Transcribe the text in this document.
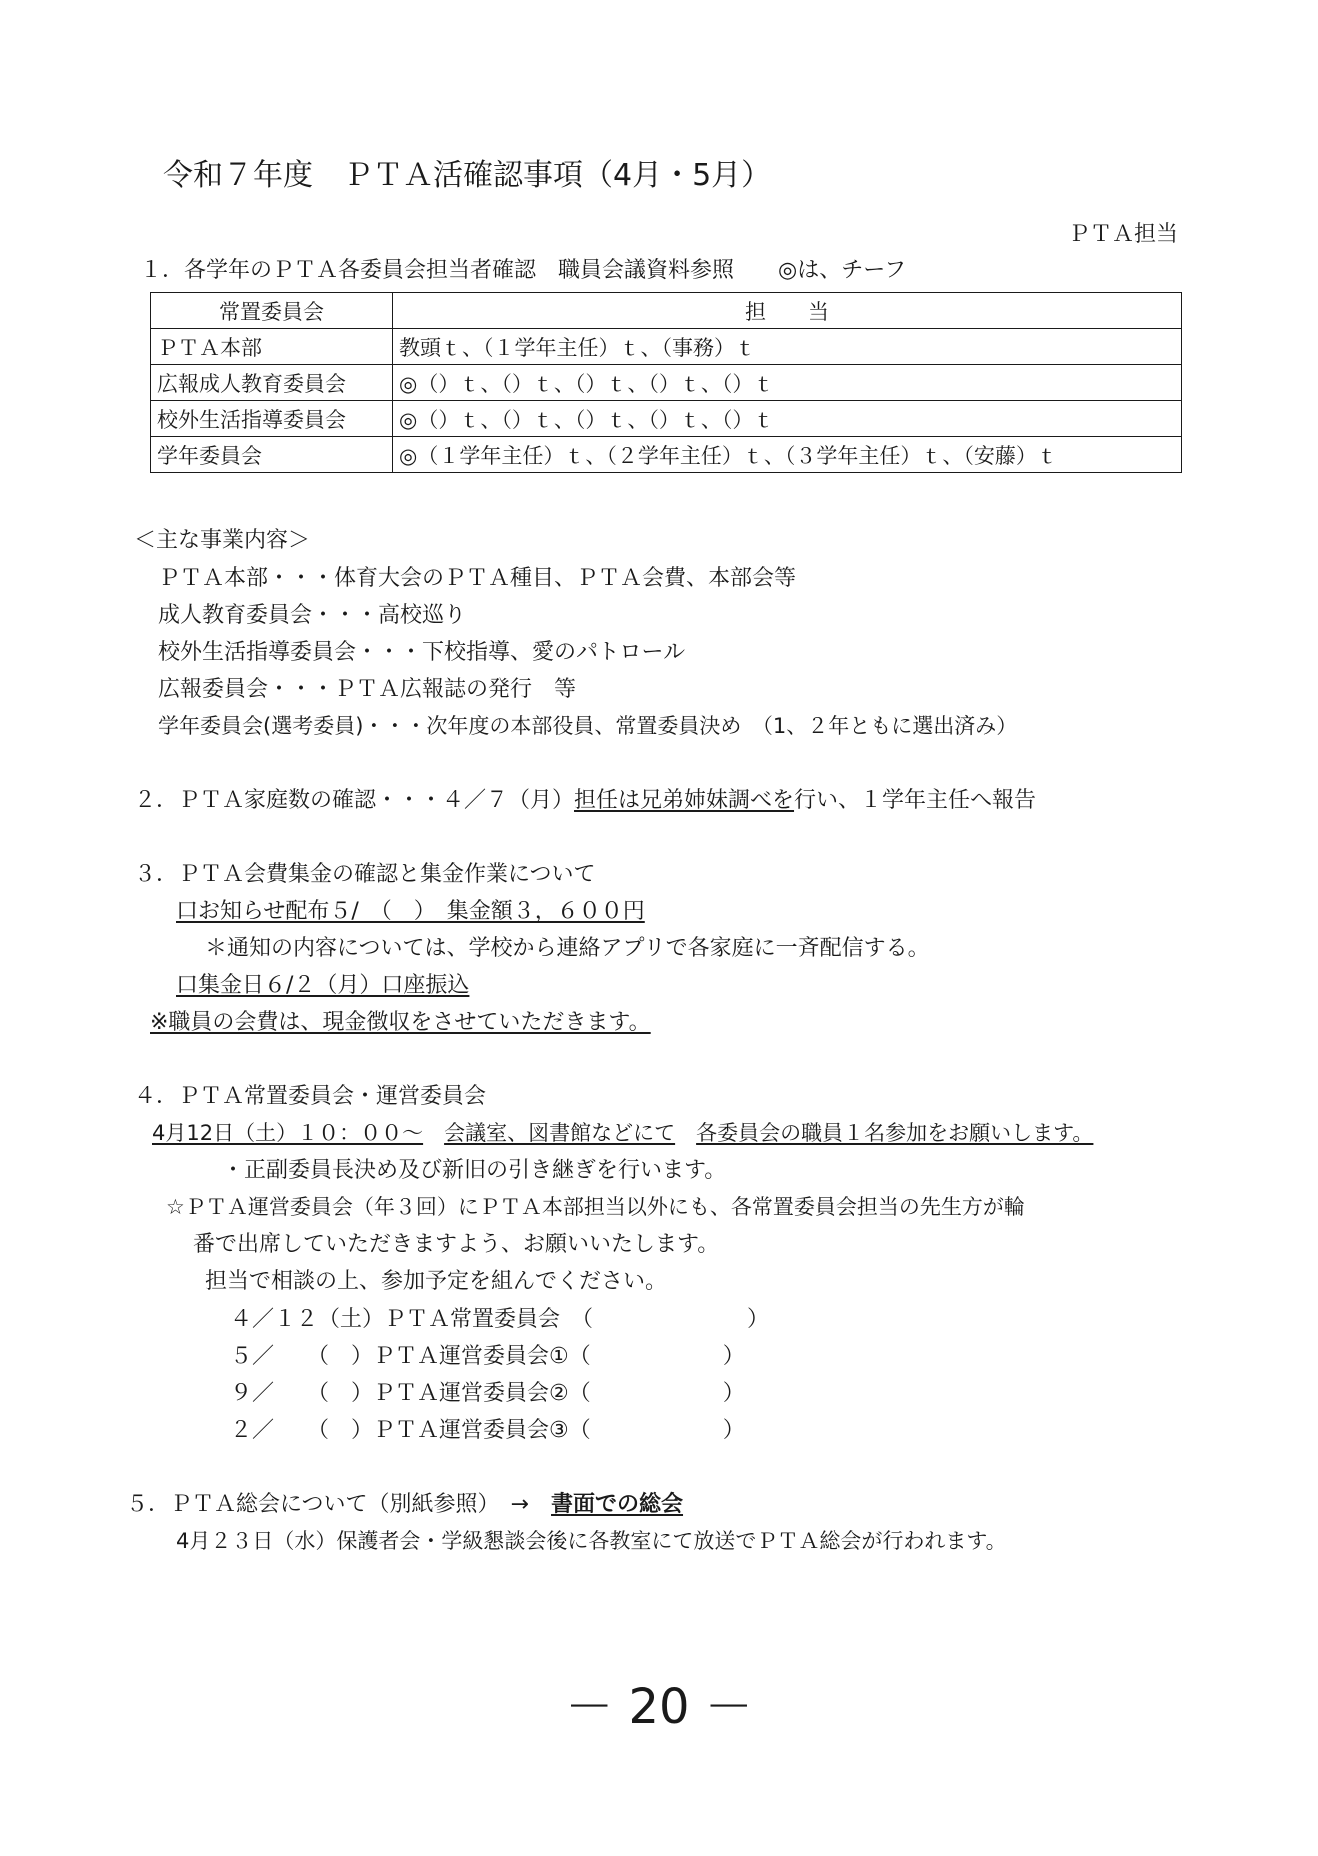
令和７年度　ＰＴＡ活確認事項（4月・5月）
ＰＴＡ担当
１．各学年のＰＴＡ各委員会担当者確認　職員会議資料参照　　◎は、チーフ
常置委員会	担　　当
ＰＴＡ本部	教頭ｔ、（１学年主任）ｔ、（事務）ｔ
広報成人教育委員会	◎（）ｔ、（）ｔ、（）ｔ、（）ｔ、（）ｔ
校外生活指導委員会	◎（）ｔ、（）ｔ、（）ｔ、（）ｔ、（）ｔ
学年委員会	◎（１学年主任）ｔ、（２学年主任）ｔ、（３学年主任）ｔ、（安藤）ｔ
＜主な事業内容＞
ＰＴＡ本部・・・体育大会のＰＴＡ種目、ＰＴＡ会費、本部会等
成人教育委員会・・・高校巡り
校外生活指導委員会・・・下校指導、愛のパトロール
広報委員会・・・ＰＴＡ広報誌の発行　等
学年委員会(選考委員)・・・次年度の本部役員、常置委員決め　（1、２年ともに選出済み）
２．ＰＴＡ家庭数の確認・・・４／７（月）担任は兄弟姉妹調べを行い、１学年主任へ報告
３．ＰＴＡ会費集金の確認と集金作業について
口お知らせ配布５/　（　）　集金額３，６００円
＊通知の内容については、学校から連絡アプリで各家庭に一斉配信する。
口集金日６/２（月）口座振込
※職員の会費は、現金徴収をさせていただきます。
４．ＰＴＡ常置委員会・運営委員会
4月12日（土）１０：００～　 会議室、図書館などにて　 各委員会の職員１名参加をお願いします。
・正副委員長決め及び新旧の引き継ぎを行います。
☆ＰＴＡ運営委員会（年３回）にＰＴＡ本部担当以外にも、各常置委員会担当の先生方が輪
番で出席していただきますよう、お願いいたします。
担当で相談の上、参加予定を組んでください。
４／１２（土）ＰＴＡ常置委員会　 （　　　　　　　）
５／　　（　）ＰＴＡ運営委員会①（　　　　　　）
９／　　（　）ＰＴＡ運営委員会②（　　　　　　）
２／　　（　）ＰＴＡ運営委員会③（　　　　　　）
５．ＰＴＡ総会について（別紙参照）　→　 書面での総会
4月２３日（水）保護者会・学級懇談会後に各教室にて放送でＰＴＡ総会が行われます。
－ 20 －
